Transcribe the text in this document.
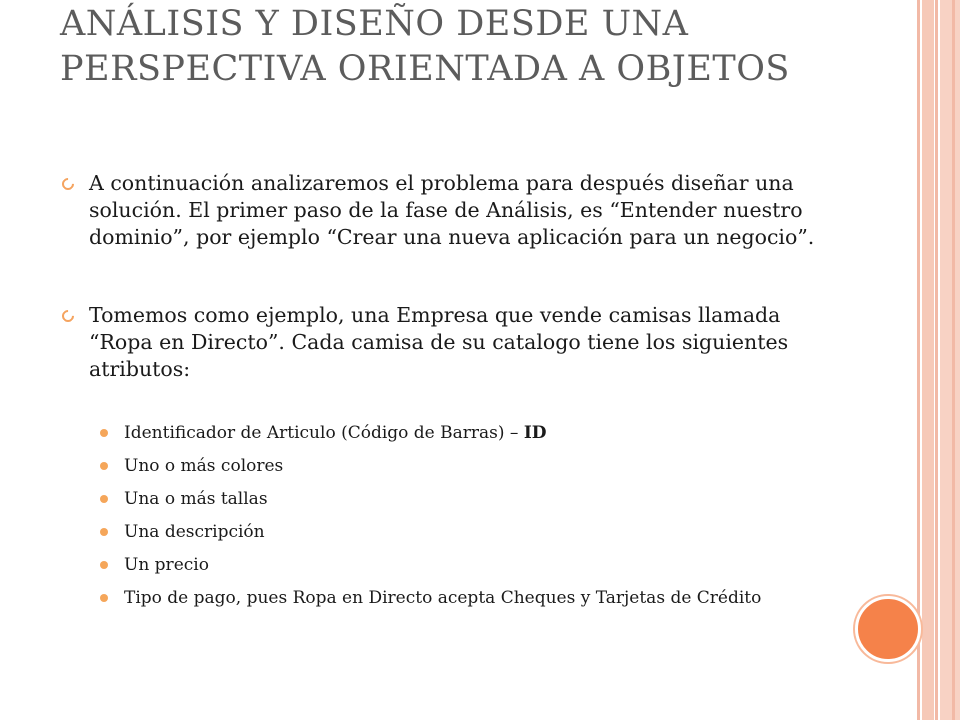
ANÁLISIS Y DISEÑO DESDE UNA PERSPECTIVA ORIENTADA A OBJETOS

A continuación analizaremos el problema para después diseñar una solución. El primer paso de la fase de Análisis, es “Entender nuestro dominio”, por ejemplo “Crear una nueva aplicación para un negocio”.

Tomemos como ejemplo, una Empresa que vende camisas llamada “Ropa en Directo”. Cada camisa de su catalogo tiene los siguientes atributos:

Identificador de Articulo (Código de Barras) – ID
Uno o más colores
Una o más tallas
Una descripción
Un precio
Tipo de pago, pues Ropa en Directo acepta Cheques y Tarjetas de Crédito
